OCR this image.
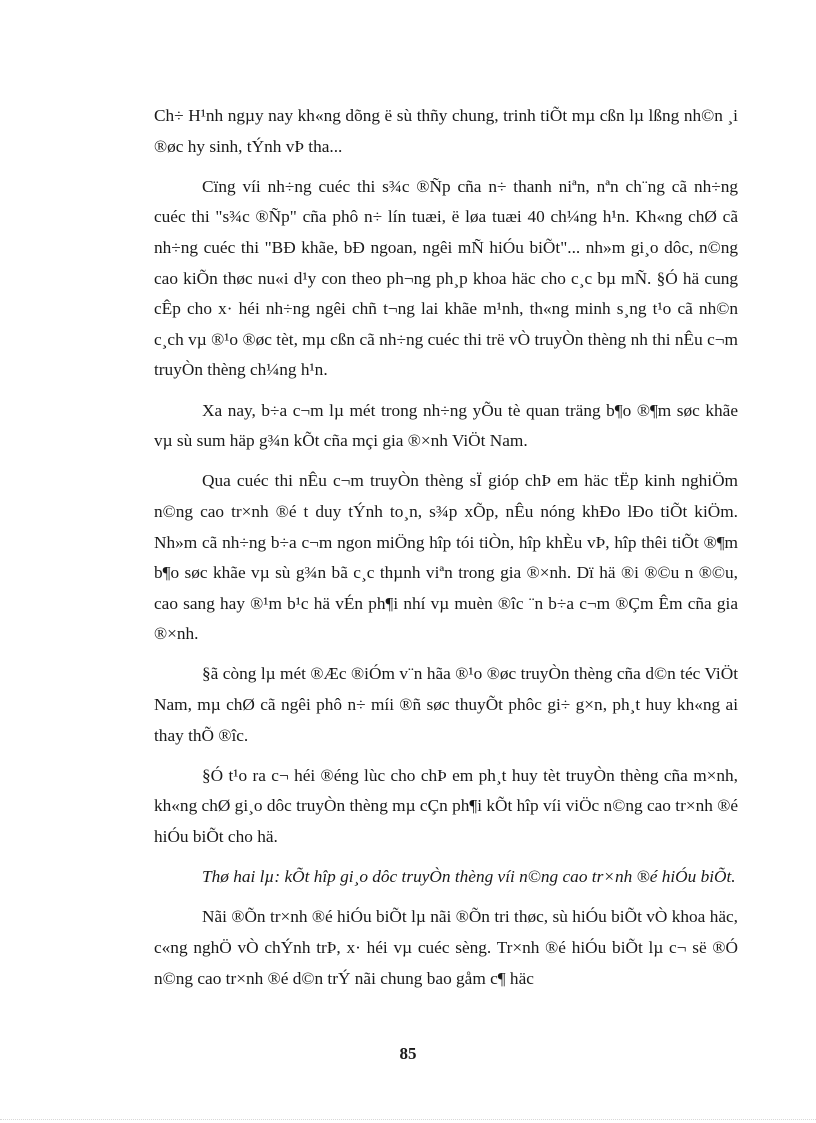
Ch÷ H¹nh ngµy nay kh«ng dõng ë sù thñy chung, trinh tiÕt mµ cßn lµ lßng nh©n ¸i ®øc hy sinh, tÝnh vÞ tha...

Cïng víi nh÷ng cuéc thi s¾c ®Ñp cña n÷ thanh niªn, nªn ch¨ng cã nh÷ng cuéc thi "s¾c ®Ñp" cña phô n÷ lín tuæi, ë løa tuæi 40 ch¼ng h¹n. Kh«ng chØ cã nh÷ng cuéc thi "BÐ khãe, bÐ ngoan, ngêi mÑ hiÓu biÕt"... nh»m gi¸o dôc, n©ng cao kiÕn thøc nu«i d¹y con theo ph¬ng ph¸p khoa häc cho c¸c bµ mÑ. §Ó hä cung cÊp cho x· héi nh÷ng ngêi chñ t¬ng lai khãe m¹nh, th«ng minh s¸ng t¹o cã nh©n c¸ch vµ ®¹o ®øc tèt, mµ cßn cã nh÷ng cuéc thi trë vÒ truyÒn thèng nh thi nÊu c¬m truyÒn thèng ch¼ng h¹n.

Xa nay, b÷a c¬m lµ mét trong nh÷ng yÕu tè quan träng b¶o ®¶m søc khãe vµ sù sum häp g¾n kÕt cña mçi gia ®×nh ViÖt Nam.

Qua cuéc thi nÊu c¬m truyÒn thèng sÏ gióp chÞ em häc tËp kinh nghiÖm n©ng cao tr×nh ®é t duy tÝnh to¸n, s¾p xÕp, nÊu nóng khÐo lÐo tiÕt kiÖm. Nh»m cã nh÷ng b÷a c¬m ngon miÖng hîp tói tiÒn, hîp khÈu vÞ, hîp thêi tiÕt ®¶m b¶o søc khãe vµ sù g¾n bã c¸c thµnh viªn trong gia ®×nh. Dï hä ®i ®©u n ®©u, cao sang hay ®¹m b¹c hä vÉn ph¶i nhí vµ muèn ®îc ¨n b÷a c¬m ®Çm Êm cña gia ®×nh.

§ã còng lµ mét ®Æc ®iÓm v¨n hãa ®¹o ®øc truyÒn thèng cña d©n téc ViÖt Nam, mµ chØ cã ngêi phô n÷ míi ®ñ søc thuyÕt phôc gi÷ g×n, ph¸t huy kh«ng ai thay thÕ ®îc.

§Ó t¹o ra c¬ héi ®éng lùc cho chÞ em ph¸t huy tèt truyÒn thèng cña m×nh, kh«ng chØ gi¸o dôc truyÒn thèng mµ cÇn ph¶i kÕt hîp víi viÖc n©ng cao tr×nh ®é hiÓu biÕt cho hä.

Thø hai lµ: kÕt hîp gi¸o dôc truyÒn thèng víi n©ng cao tr×nh ®é hiÓu biÕt.

Nãi ®Õn tr×nh ®é hiÓu biÕt lµ nãi ®Õn tri thøc, sù hiÓu biÕt vÒ khoa häc, c«ng nghÖ vÒ chÝnh trÞ, x· héi vµ cuéc sèng. Tr×nh ®é hiÓu biÕt lµ c¬ së ®Ó n©ng cao tr×nh ®é d©n trÝ nãi chung bao gåm c¶ häc

85
